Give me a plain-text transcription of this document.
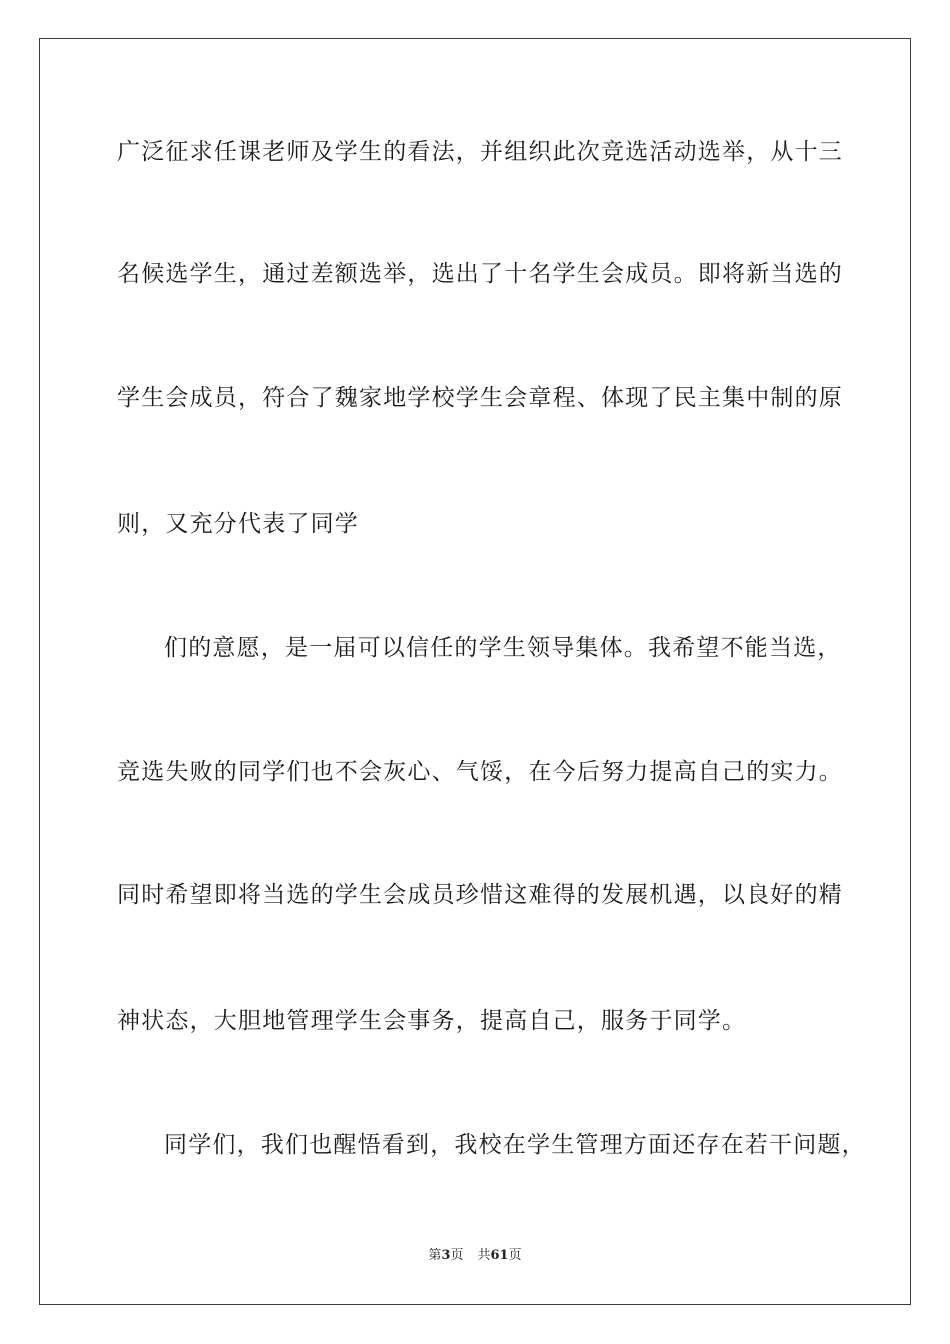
广泛征求任课老师及学生的看法，并组织此次竞选活动选举，从十三
名候选学生，通过差额选举，选出了十名学生会成员。即将新当选的
学生会成员，符合了魏家地学校学生会章程、体现了民主集中制的原
则，又充分代表了同学
们的意愿，是一届可以信任的学生领导集体。我希望不能当选，
竞选失败的同学们也不会灰心、气馁，在今后努力提高自己的实力。
同时希望即将当选的学生会成员珍惜这难得的发展机遇，以良好的精
神状态，大胆地管理学生会事务，提高自己，服务于同学。
同学们，我们也醒悟看到，我校在学生管理方面还存在若干问题，
第3页 共61页
